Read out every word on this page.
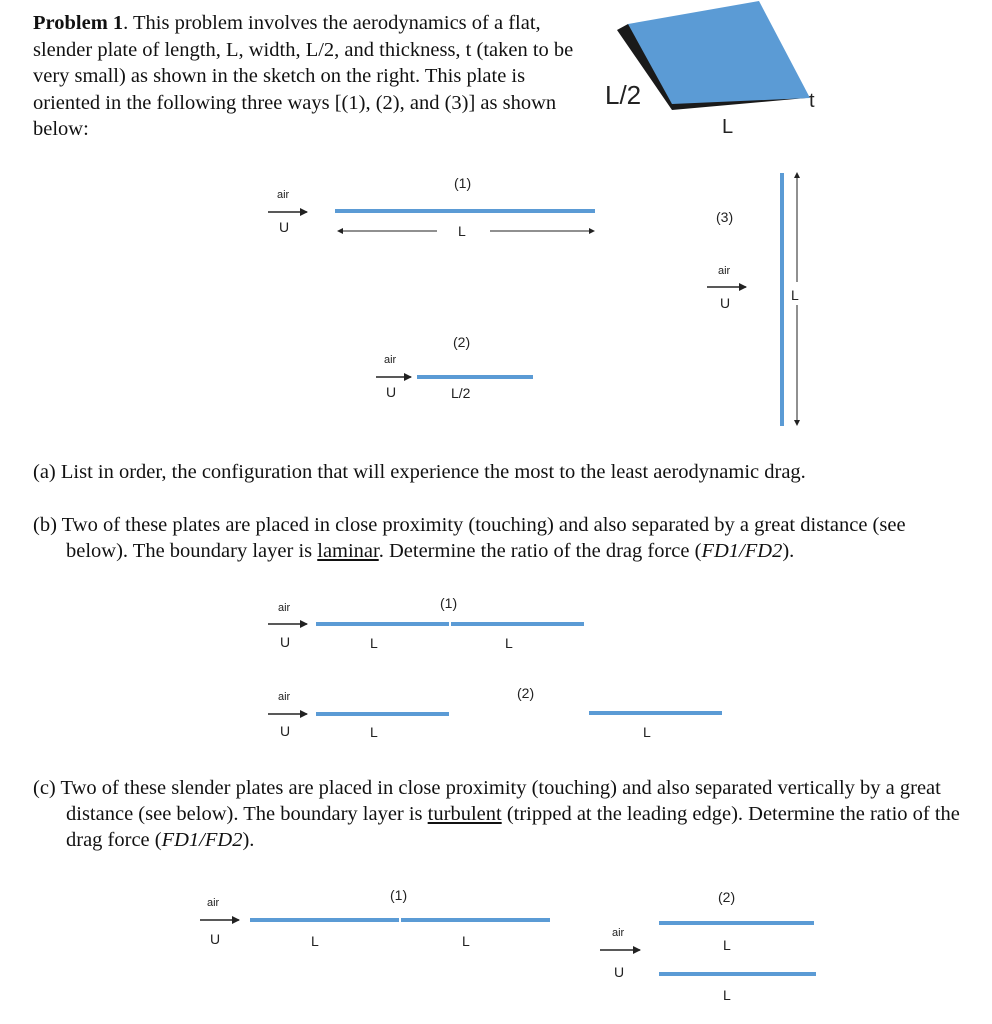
Problem 1. This problem involves the aerodynamics of a flat, slender plate of length, L, width, L/2, and thickness, t (taken to be very small) as shown in the sketch on the right. This plate is oriented in the following three ways [(1), (2), and (3)] as shown below:
L/2
L
t
air
U
(1)
L
air
U
(2)
L/2
(3)
air
U	L
(a) List in order, the configuration that will experience the most to the least aerodynamic drag.
(b) Two of these plates are placed in close proximity (touching) and also separated by a great distance (see below). The boundary layer is laminar. Determine the ratio of the drag force (FD1/FD2).
air
U
(1)
L	L
air
U
(2)
L	L
(c) Two of these slender plates are placed in close proximity (touching) and also separated vertically by a great distance (see below). The boundary layer is turbulent (tripped at the leading edge). Determine the ratio of the drag force (FD1/FD2).
air
U
(1)
L	L	air
U
(2)
L
L
